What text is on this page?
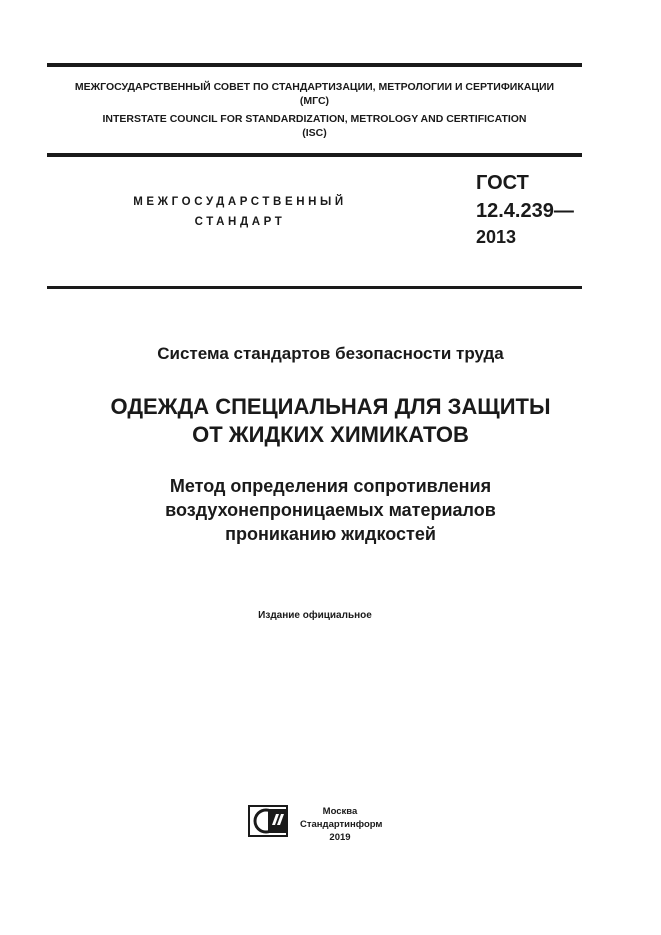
МЕЖГОСУДАРСТВЕННЫЙ СОВЕТ ПО СТАНДАРТИЗАЦИИ, МЕТРОЛОГИИ И СЕРТИФИКАЦИИ
(МГС)
INTERSTATE COUNCIL FOR STANDARDIZATION, METROLOGY AND CERTIFICATION
(ISC)
МЕЖГОСУДАРСТВЕННЫЙ
СТАНДАРТ
ГОСТ
12.4.239—
2013
Система стандартов безопасности труда
ОДЕЖДА СПЕЦИАЛЬНАЯ ДЛЯ ЗАЩИТЫ
ОТ ЖИДКИХ ХИМИКАТОВ
Метод определения сопротивления
воздухонепроницаемых материалов
проникaнию жидкостей
Издание официальное
Москва
Стандартинформ
2019
